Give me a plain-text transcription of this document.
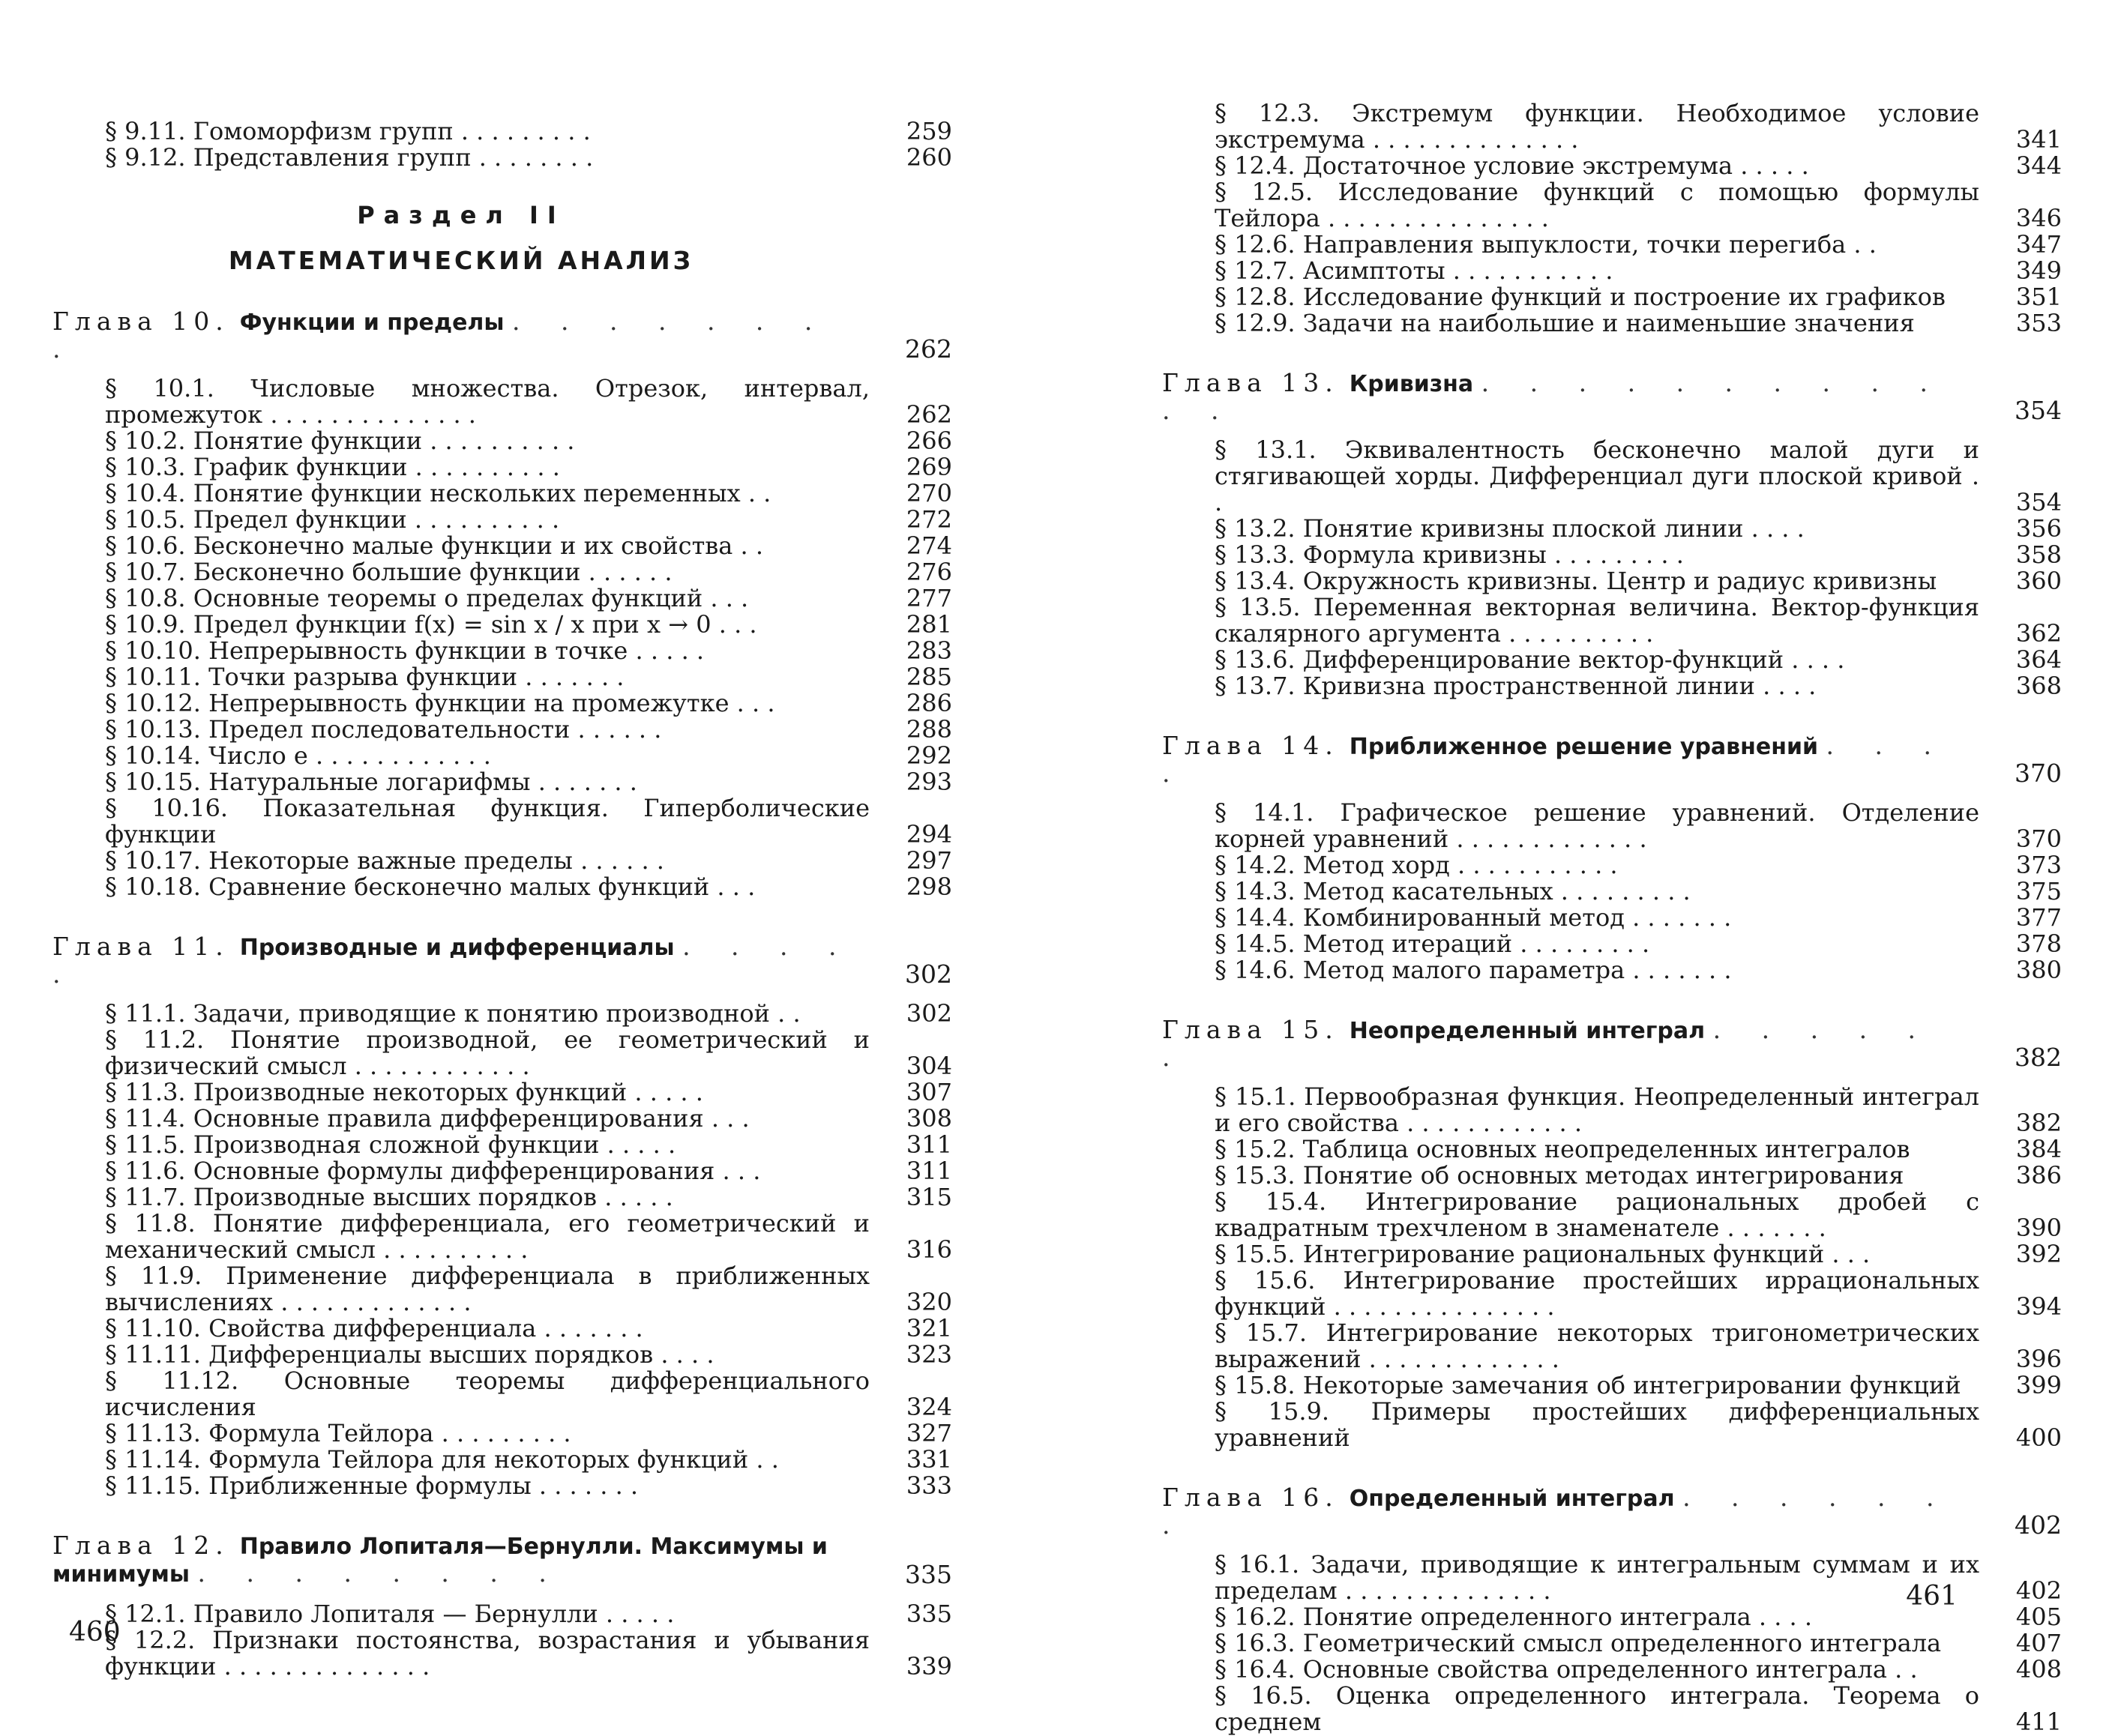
§ 9.11. Гомоморфизм групп . . . . . . . . .	259
§ 9.12. Представления групп . . . . . . . .	260
Раздел II
МАТЕМАТИЧЕСКИЙ АНАЛИЗ
Глава 10. Функции и пределы . . . . . . . .	262
§ 10.1. Числовые множества. Отрезок, интервал, промежуток . . . . . . . . . . . . . .	262
§ 10.2. Понятие функции . . . . . . . . . .	266
§ 10.3. График функции . . . . . . . . . .	269
§ 10.4. Понятие функции нескольких переменных . .	270
§ 10.5. Предел функции . . . . . . . . . .	272
§ 10.6. Бесконечно малые функции и их свойства . .	274
§ 10.7. Бесконечно большие функции . . . . . .	276
§ 10.8. Основные теоремы о пределах функций . . .	277
§ 10.9. Предел функции f(x) = sin x / x при x → 0 . . .	281
§ 10.10. Непрерывность функции в точке . . . . .	283
§ 10.11. Точки разрыва функции . . . . . . .	285
§ 10.12. Непрерывность функции на промежутке . . .	286
§ 10.13. Предел последовательности . . . . . .	288
§ 10.14. Число e . . . . . . . . . . . .	292
§ 10.15. Натуральные логарифмы . . . . . . .	293
§ 10.16. Показательная функция. Гиперболические функции	294
§ 10.17. Некоторые важные пределы . . . . . .	297
§ 10.18. Сравнение бесконечно малых функций . . .	298
Глава 11. Производные и дифференциалы . . . . .	302
§ 11.1. Задачи, приводящие к понятию производной . .	302
§ 11.2. Понятие производной, ее геометрический и физический смысл . . . . . . . . . . . .	304
§ 11.3. Производные некоторых функций . . . . .	307
§ 11.4. Основные правила дифференцирования . . .	308
§ 11.5. Производная сложной функции . . . . .	311
§ 11.6. Основные формулы дифференцирования . . .	311
§ 11.7. Производные высших порядков . . . . .	315
§ 11.8. Понятие дифференциала, его геометрический и механический смысл . . . . . . . . . .	316
§ 11.9. Применение дифференциала в приближенных вычислениях . . . . . . . . . . . . .	320
§ 11.10. Свойства дифференциала . . . . . . .	321
§ 11.11. Дифференциалы высших порядков . . . .	323
§ 11.12. Основные теоремы дифференциального исчисления	324
§ 11.13. Формула Тейлора . . . . . . . . .	327
§ 11.14. Формула Тейлора для некоторых функций . .	331
§ 11.15. Приближенные формулы . . . . . . .	333
Глава 12. Правило Лопиталя—Бернулли. Максимумы и минимумы . . . . . . . .	335
§ 12.1. Правило Лопиталя — Бернулли . . . . .	335
§ 12.2. Признаки постоянства, возрастания и убывания функции . . . . . . . . . . . . . .	339
460
§ 12.3. Экстремум функции. Необходимое условие экстремума . . . . . . . . . . . . . .	341
§ 12.4. Достаточное условие экстремума . . . . .	344
§ 12.5. Исследование функций с помощью формулы Тейлора . . . . . . . . . . . . . . .	346
§ 12.6. Направления выпуклости, точки перегиба . .	347
§ 12.7. Асимптоты . . . . . . . . . . .	349
§ 12.8. Исследование функций и построение их графиков	351
§ 12.9. Задачи на наибольшие и наименьшие значения	353
Глава 13. Кривизна . . . . . . . . . . . .	354
§ 13.1. Эквивалентность бесконечно малой дуги и стягивающей хорды. Дифференциал дуги плоской кривой . .	354
§ 13.2. Понятие кривизны плоской линии . . . .	356
§ 13.3. Формула кривизны . . . . . . . . .	358
§ 13.4. Окружность кривизны. Центр и радиус кривизны	360
§ 13.5. Переменная векторная величина. Вектор-функция скалярного аргумента . . . . . . . . . .	362
§ 13.6. Дифференцирование вектор-функций . . . .	364
§ 13.7. Кривизна пространственной линии . . . .	368
Глава 14. Приближенное решение уравнений . . . .	370
§ 14.1. Графическое решение уравнений. Отделение корней уравнений . . . . . . . . . . . . .	370
§ 14.2. Метод хорд . . . . . . . . . . .	373
§ 14.3. Метод касательных . . . . . . . . .	375
§ 14.4. Комбинированный метод . . . . . . .	377
§ 14.5. Метод итераций . . . . . . . . .	378
§ 14.6. Метод малого параметра . . . . . . .	380
Глава 15. Неопределенный интеграл . . . . . .	382
§ 15.1. Первообразная функция. Неопределенный интеграл и его свойства . . . . . . . . . . . .	382
§ 15.2. Таблица основных неопределенных интегралов	384
§ 15.3. Понятие об основных методах интегрирования	386
§ 15.4. Интегрирование рациональных дробей с квадратным трехчленом в знаменателе . . . . . . .	390
§ 15.5. Интегрирование рациональных функций . . .	392
§ 15.6. Интегрирование простейших иррациональных функций . . . . . . . . . . . . . . .	394
§ 15.7. Интегрирование некоторых тригонометрических выражений . . . . . . . . . . . . .	396
§ 15.8. Некоторые замечания об интегрировании функций	399
§ 15.9. Примеры простейших дифференциальных уравнений	400
Глава 16. Определенный интеграл . . . . . . .	402
§ 16.1. Задачи, приводящие к интегральным суммам и их пределам . . . . . . . . . . . . . .	402
§ 16.2. Понятие определенного интеграла . . . .	405
§ 16.3. Геометрический смысл определенного интеграла	407
§ 16.4. Основные свойства определенного интеграла . .	408
§ 16.5. Оценка определенного интеграла. Теорема о среднем	411
461
